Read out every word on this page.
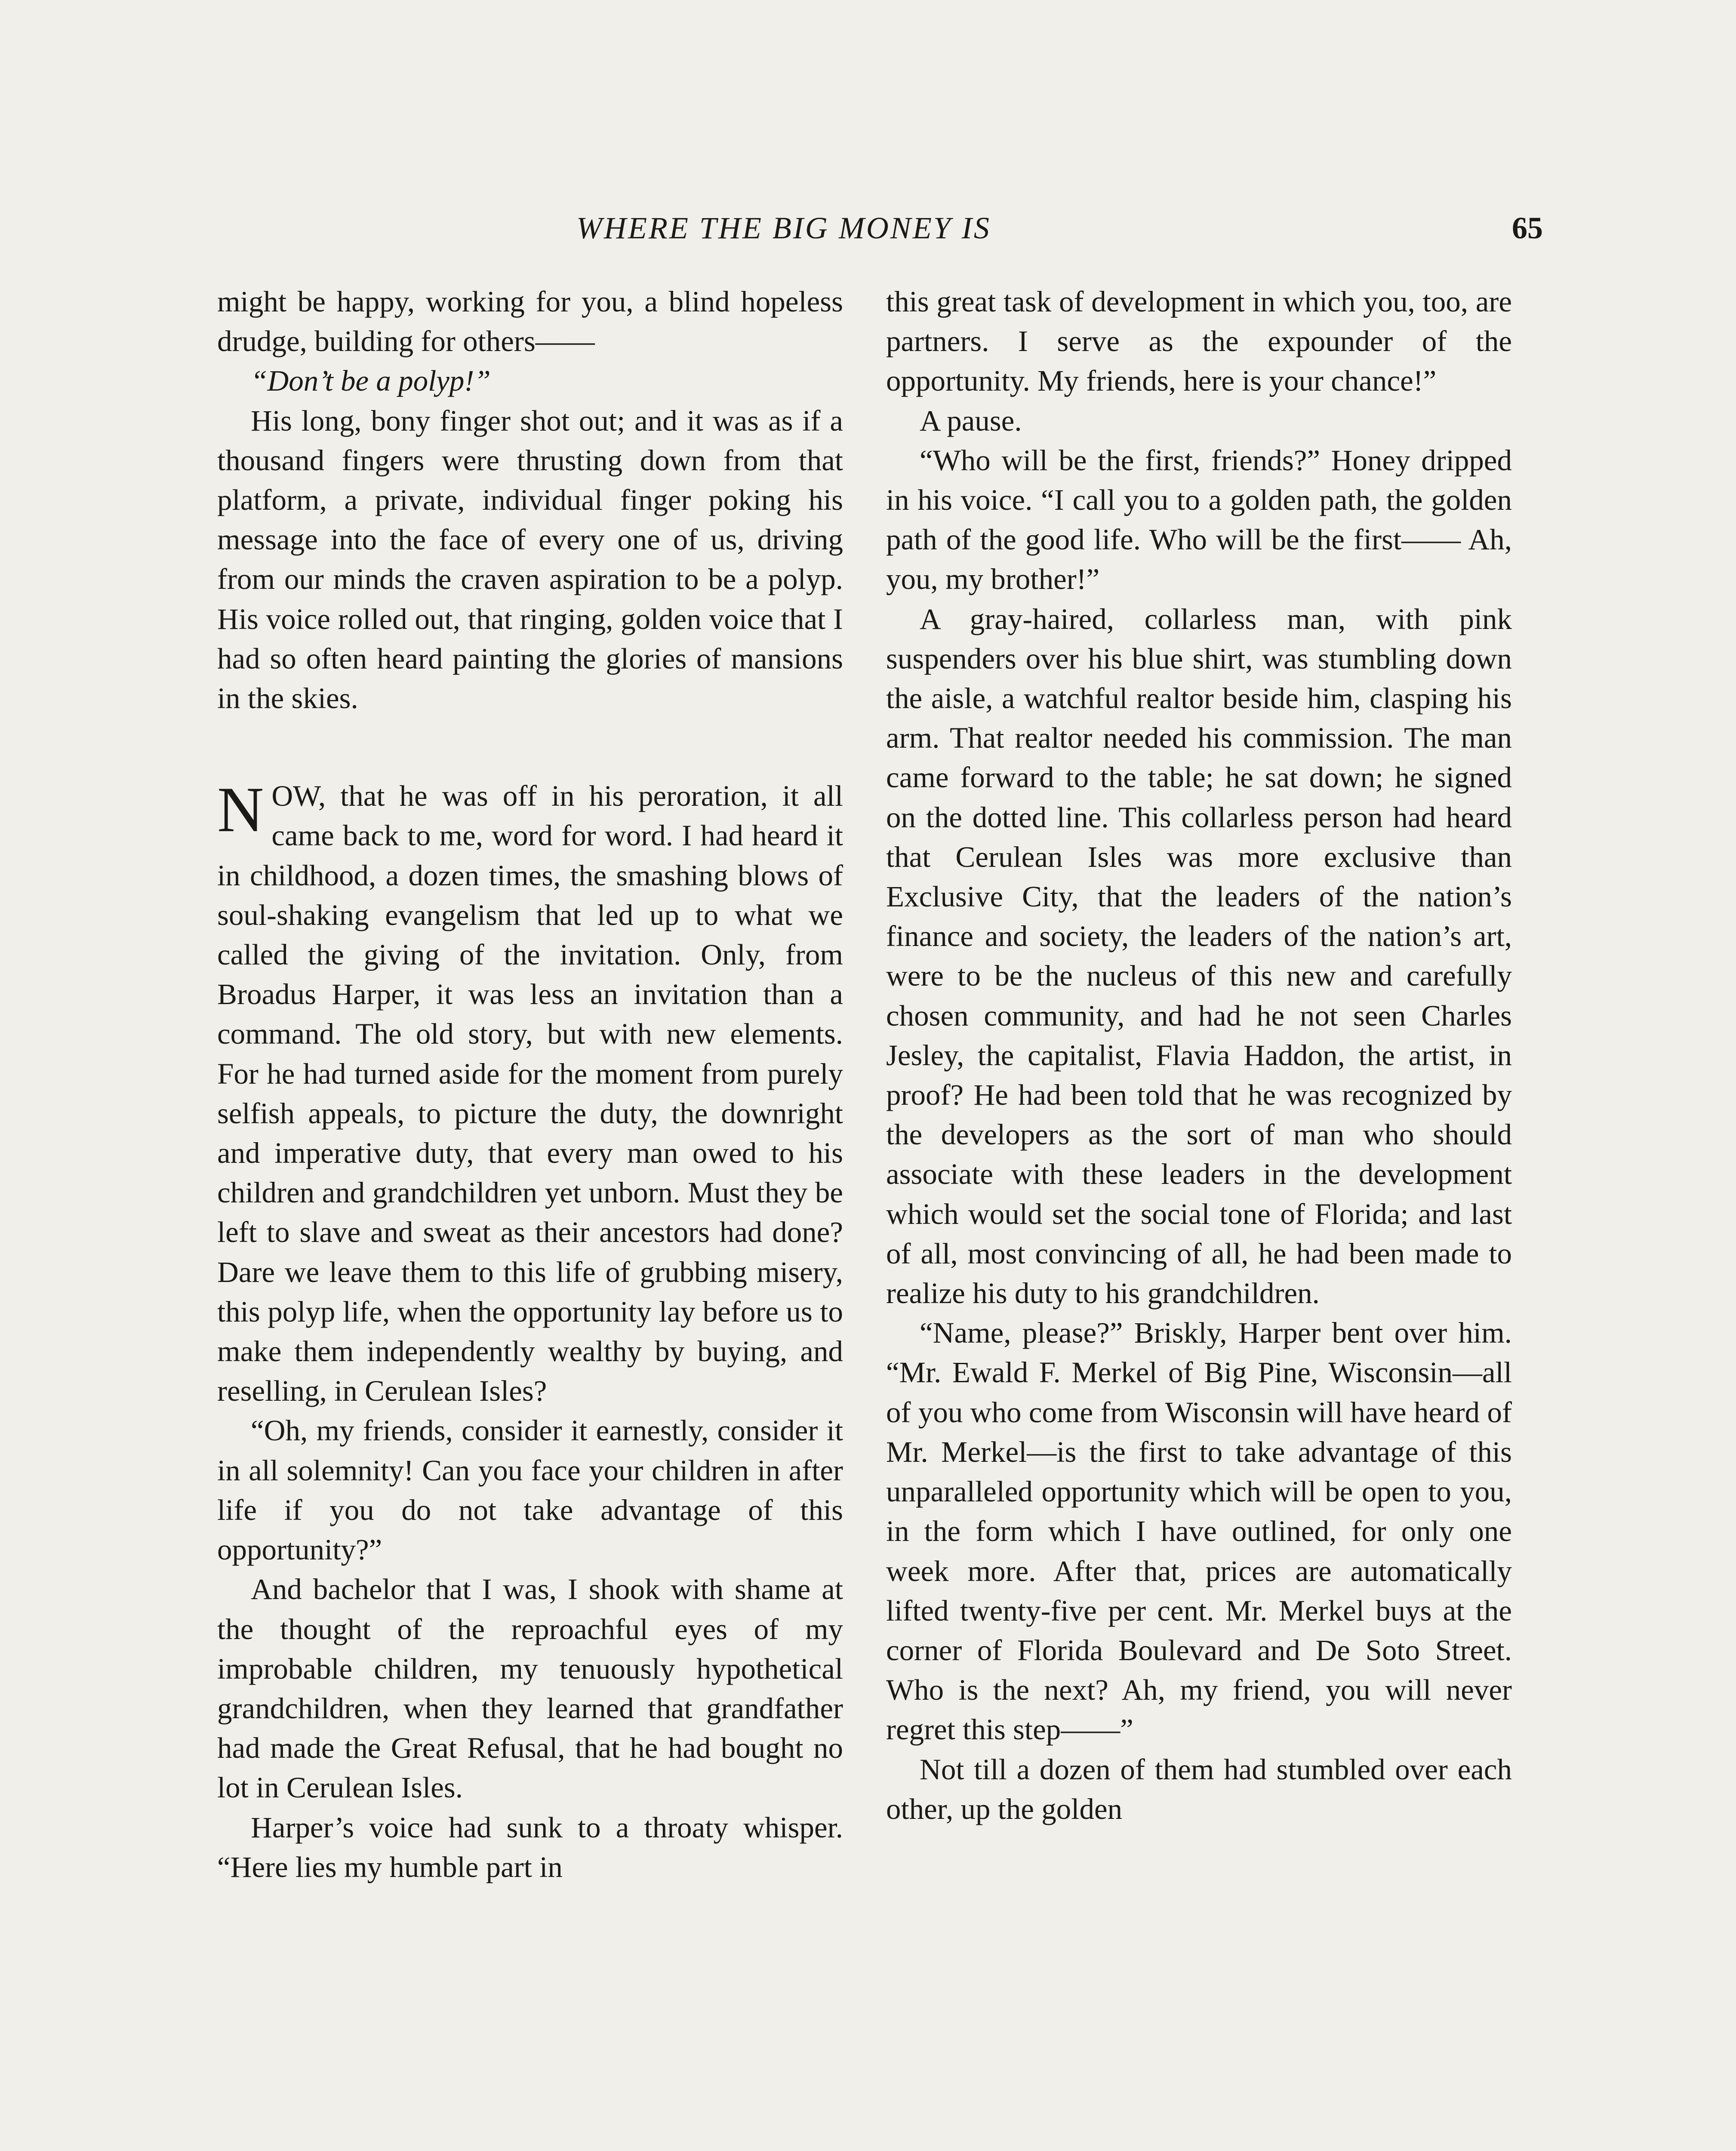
WHERE THE BIG MONEY IS	65

might be happy, working for you, a blind hopeless drudge, building for others——

“Don’t be a polyp!”

His long, bony finger shot out; and it was as if a thousand fingers were thrusting down from that platform, a private, individual finger poking his message into the face of every one of us, driving from our minds the craven aspiration to be a polyp. His voice rolled out, that ringing, golden voice that I had so often heard painting the glories of mansions in the skies.

NOW, that he was off in his peroration, it all came back to me, word for word. I had heard it in childhood, a dozen times, the smashing blows of soul-shaking evangelism that led up to what we called the giving of the invitation. Only, from Broadus Harper, it was less an invitation than a command. The old story, but with new elements. For he had turned aside for the moment from purely selfish appeals, to picture the duty, the downright and imperative duty, that every man owed to his children and grandchildren yet unborn. Must they be left to slave and sweat as their ancestors had done? Dare we leave them to this life of grubbing misery, this polyp life, when the opportunity lay before us to make them independently wealthy by buying, and reselling, in Cerulean Isles?

“Oh, my friends, consider it earnestly, consider it in all solemnity! Can you face your children in after life if you do not take advantage of this opportunity?”

And bachelor that I was, I shook with shame at the thought of the reproachful eyes of my improbable children, my tenuously hypothetical grandchildren, when they learned that grandfather had made the Great Refusal, that he had bought no lot in Cerulean Isles.

Harper’s voice had sunk to a throaty whisper. “Here lies my humble part in

this great task of development in which you, too, are partners. I serve as the expounder of the opportunity. My friends, here is your chance!”

A pause.

“Who will be the first, friends?” Honey dripped in his voice. “I call you to a golden path, the golden path of the good life. Who will be the first—— Ah, you, my brother!”

A gray-haired, collarless man, with pink suspenders over his blue shirt, was stumbling down the aisle, a watchful realtor beside him, clasping his arm. That realtor needed his commission. The man came forward to the table; he sat down; he signed on the dotted line. This collarless person had heard that Cerulean Isles was more exclusive than Exclusive City, that the leaders of the nation’s finance and society, the leaders of the nation’s art, were to be the nucleus of this new and carefully chosen community, and had he not seen Charles Jesley, the capitalist, Flavia Haddon, the artist, in proof? He had been told that he was recognized by the developers as the sort of man who should associate with these leaders in the development which would set the social tone of Florida; and last of all, most convincing of all, he had been made to realize his duty to his grandchildren.

“Name, please?” Briskly, Harper bent over him. “Mr. Ewald F. Merkel of Big Pine, Wisconsin—all of you who come from Wisconsin will have heard of Mr. Merkel—is the first to take advantage of this unparalleled opportunity which will be open to you, in the form which I have outlined, for only one week more. After that, prices are automatically lifted twenty-five per cent. Mr. Merkel buys at the corner of Florida Boulevard and De Soto Street. Who is the next? Ah, my friend, you will never regret this step——”

Not till a dozen of them had stumbled over each other, up the golden
